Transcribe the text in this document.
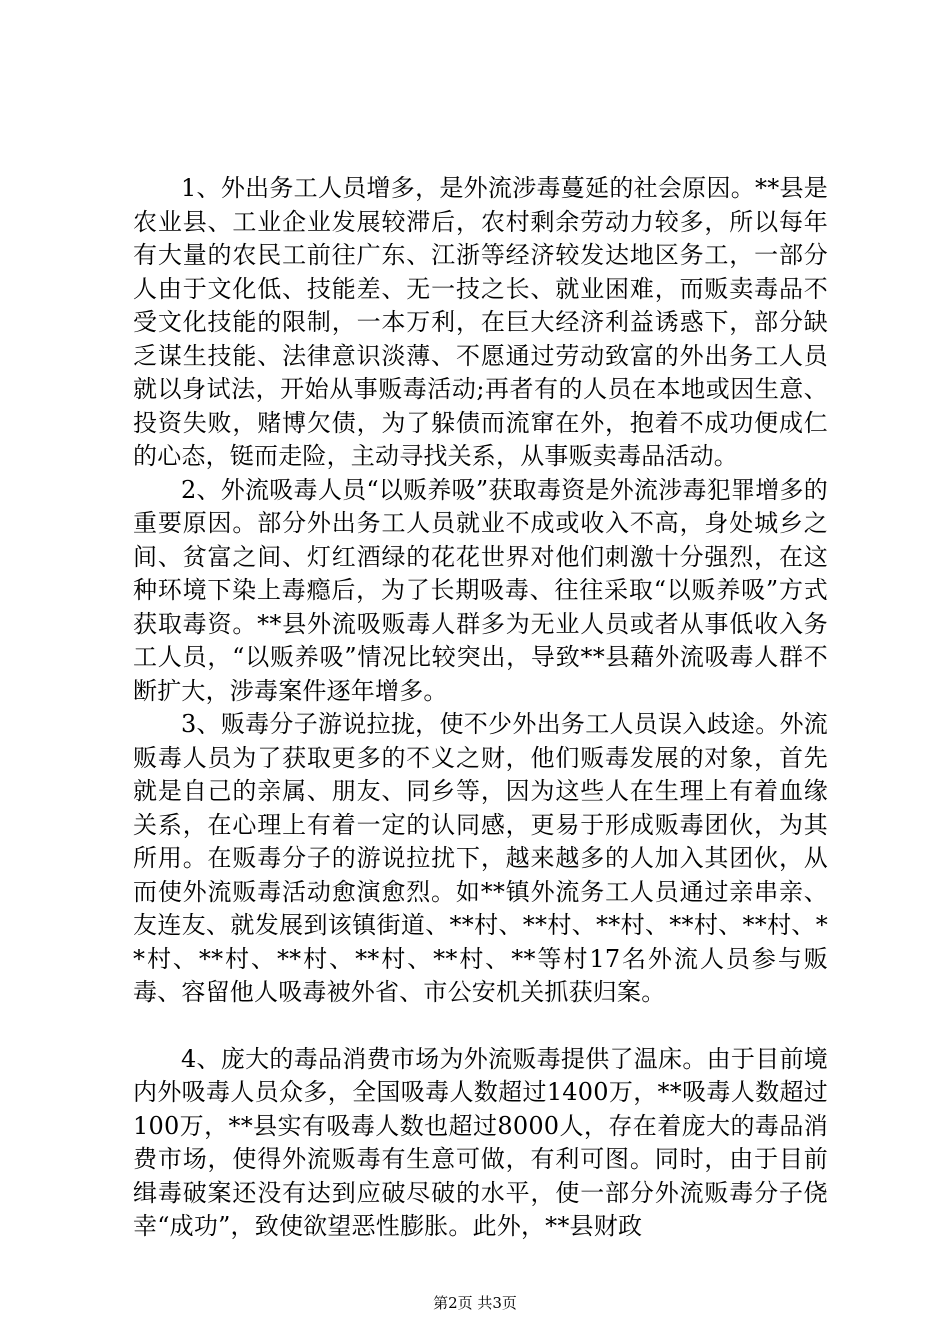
1、外出务工人员增多，是外流涉毒蔓延的社会原因。**县是农业县、工业企业发展较滞后，农村剩余劳动力较多，所以每年有大量的农民工前往广东、江浙等经济较发达地区务工，一部分人由于文化低、技能差、无一技之长、就业困难，而贩卖毒品不受文化技能的限制，一本万利，在巨大经济利益诱惑下，部分缺乏谋生技能、法律意识淡薄、不愿通过劳动致富的外出务工人员就以身试法，开始从事贩毒活动;再者有的人员在本地或因生意、投资失败，赌博欠债，为了躲债而流窜在外，抱着不成功便成仁的心态，铤而走险，主动寻找关系，从事贩卖毒品活动。

2、外流吸毒人员“以贩养吸”获取毒资是外流涉毒犯罪增多的重要原因。部分外出务工人员就业不成或收入不高，身处城乡之间、贫富之间、灯红酒绿的花花世界对他们刺激十分强烈，在这种环境下染上毒瘾后，为了长期吸毒、往往采取“以贩养吸”方式获取毒资。**县外流吸贩毒人群多为无业人员或者从事低收入务工人员，“以贩养吸”情况比较突出，导致**县藉外流吸毒人群不断扩大，涉毒案件逐年增多。

3、贩毒分子游说拉拢，使不少外出务工人员误入歧途。外流贩毒人员为了获取更多的不义之财，他们贩毒发展的对象，首先就是自己的亲属、朋友、同乡等，因为这些人在生理上有着血缘关系，在心理上有着一定的认同感，更易于形成贩毒团伙，为其所用。在贩毒分子的游说拉扰下，越来越多的人加入其团伙，从而使外流贩毒活动愈演愈烈。如**镇外流务工人员通过亲串亲、友连友、就发展到该镇街道、**村、**村、**村、**村、**村、**村、**村、**村、**村、**村、**等村17名外流人员参与贩毒、容留他人吸毒被外省、市公安机关抓获归案。

4、庞大的毒品消费市场为外流贩毒提供了温床。由于目前境内外吸毒人员众多，全国吸毒人数超过1400万，**吸毒人数超过100万，**县实有吸毒人数也超过8000人，存在着庞大的毒品消费市场，使得外流贩毒有生意可做，有利可图。同时，由于目前缉毒破案还没有达到应破尽破的水平，使一部分外流贩毒分子侥幸“成功”，致使欲望恶性膨胀。此外，**县财政

第2页 共3页
